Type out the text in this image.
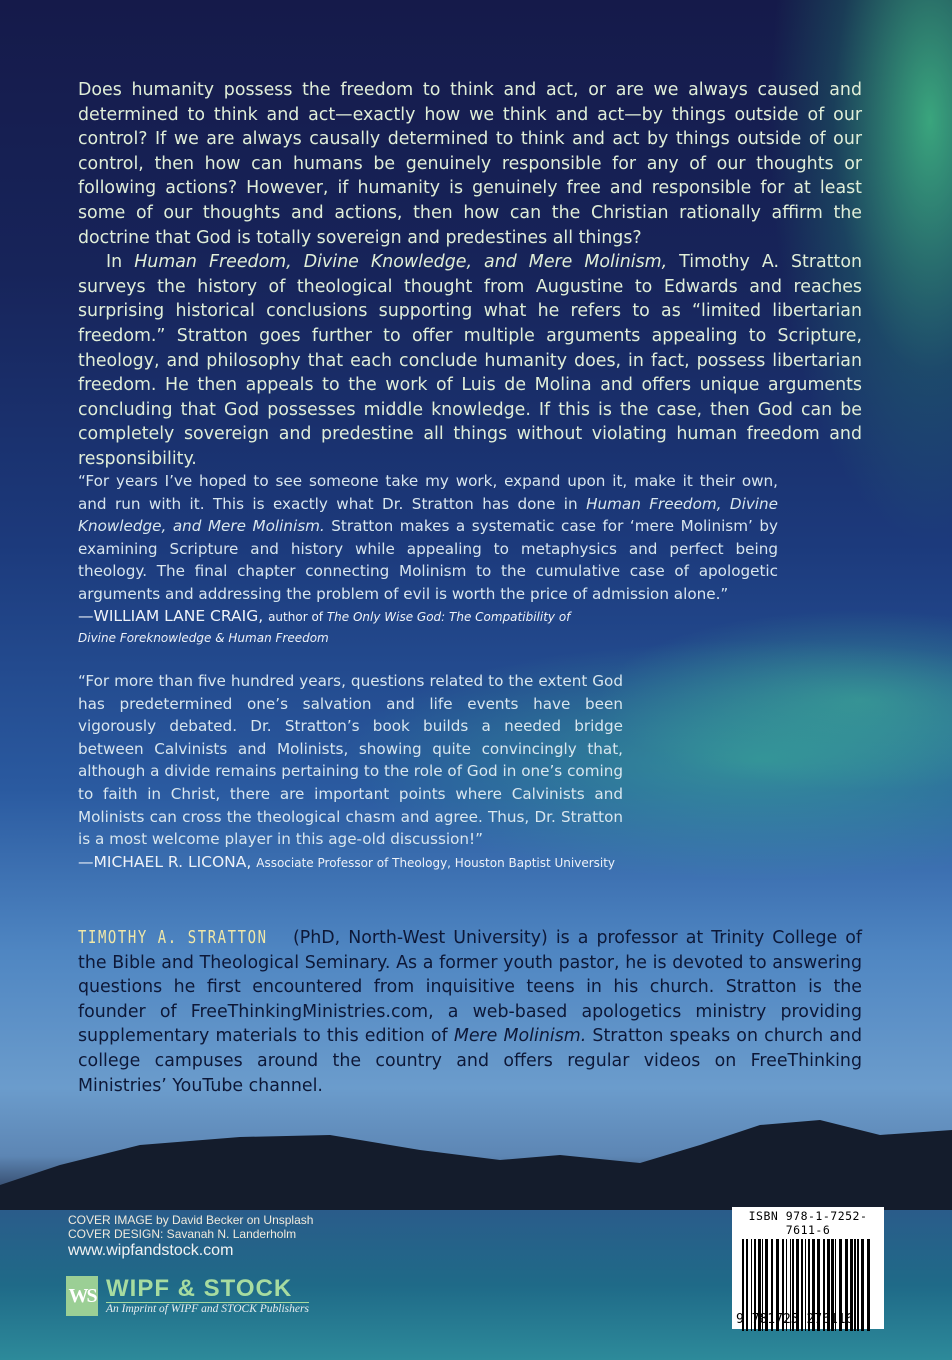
Does humanity possess the freedom to think and act, or are we always caused and determined to think and act—exactly how we think and act—by things outside of our control? If we are always causally determined to think and act by things outside of our control, then how can humans be genuinely responsible for any of our thoughts or following actions? However, if humanity is genuinely free and responsible for at least some of our thoughts and actions, then how can the Christian rationally affirm the doctrine that God is totally sovereign and predestines all things?

In Human Freedom, Divine Knowledge, and Mere Molinism, Timothy A. Stratton surveys the history of theological thought from Augustine to Edwards and reaches surprising historical conclusions supporting what he refers to as “limited libertarian freedom.” Stratton goes further to offer multiple arguments appealing to Scripture, theology, and philosophy that each conclude humanity does, in fact, possess libertarian freedom. He then appeals to the work of Luis de Molina and offers unique arguments concluding that God possesses middle knowledge. If this is the case, then God can be completely sovereign and predestine all things without violating human freedom and responsibility.

“For years I’ve hoped to see someone take my work, expand upon it, make it their own, and run with it. This is exactly what Dr. Stratton has done in Human Freedom, Divine Knowledge, and Mere Molinism. Stratton makes a systematic case for ‘mere Molinism’ by examining Scripture and history while appealing to metaphysics and perfect being theology. The final chapter connecting Molinism to the cumulative case of apologetic arguments and addressing the problem of evil is worth the price of admission alone.”

—WILLIAM LANE CRAIG, author of The Only Wise God: The Compatibility of Divine Foreknowledge & Human Freedom

“For more than five hundred years, questions related to the extent God has predetermined one’s salvation and life events have been vigorously debated. Dr. Stratton’s book builds a needed bridge between Calvinists and Molinists, showing quite convincingly that, although a divide remains pertaining to the role of God in one’s coming to faith in Christ, there are important points where Calvinists and Molinists can cross the theological chasm and agree. Thus, Dr. Stratton is a most welcome player in this age-old discussion!”

—MICHAEL R. LICONA, Associate Professor of Theology, Houston Baptist University

TIMOTHY A. STRATTON (PhD, North-West University) is a professor at Trinity College of the Bible and Theological Seminary. As a former youth pastor, he is devoted to answering questions he first encountered from inquisitive teens in his church. Stratton is the founder of FreeThinkingMinistries.com, a web-based apologetics ministry providing supplementary materials to this edition of Mere Molinism. Stratton speaks on church and college campuses around the country and offers regular videos on FreeThinking Ministries’ YouTube channel.
COVER IMAGE by David Becker on Unsplash
COVER DESIGN: Savanah N. Landerholm
www.wipfandstock.com
WS WIPF & STOCK
An Imprint of WIPF and STOCK Publishers
ISBN 978-1-7252-7611-6
9 781725 276116
